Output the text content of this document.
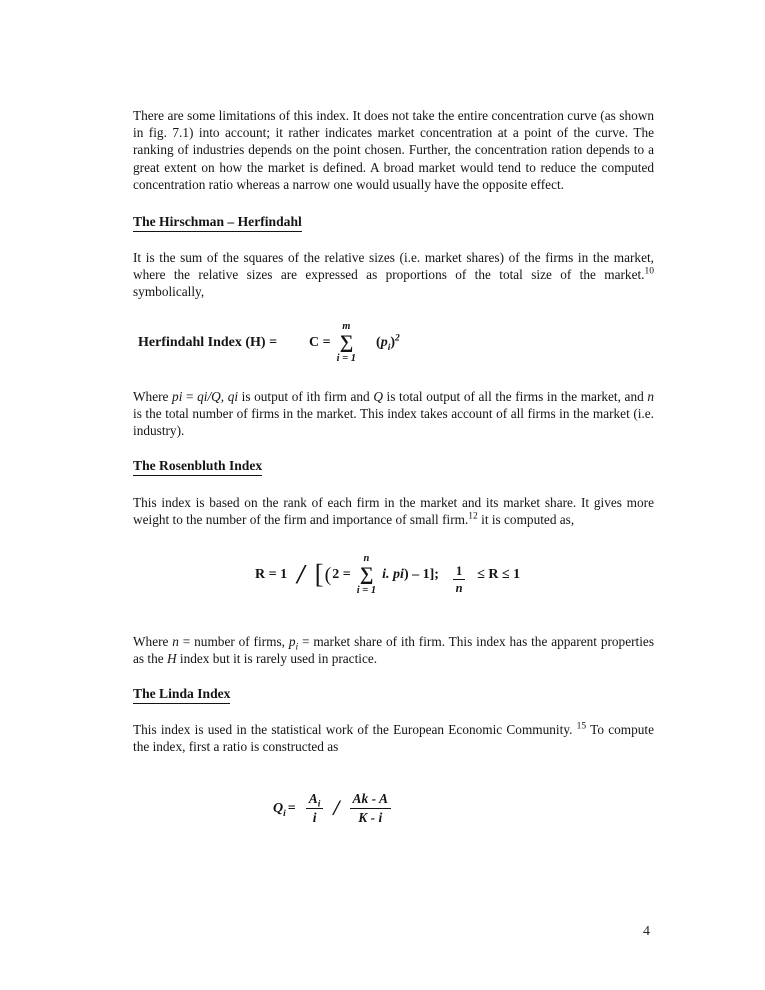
There are some limitations of this index. It does not take the entire concentration curve (as shown in fig. 7.1) into account; it rather indicates market concentration at a point of the curve. The ranking of industries depends on the point chosen. Further, the concentration ration depends to a great extent on how the market is defined. A broad market would tend to reduce the computed concentration ratio whereas a narrow one would usually have the opposite effect.

The Hirschman – Herfindahl

It is the sum of the squares of the relative sizes (i.e. market shares) of the firms in the market, where the relative sizes are expressed as proportions of the total size of the market.$^{10}$ symbolically,

Herfindahl Index (H) = C =
m
∑
i = 1
$(p_i)^2$

Where pi = qi/Q, qi is output of ith firm and Q is total output of all the firms in the market, and n is the total number of firms in the market. This index takes account of all firms in the market (i.e. industry).

The Rosenbluth Index

This index is based on the rank of each firm in the market and its market share. It gives more weight to the number of the firm and importance of small firm.$^{12}$ it is computed as,

R = 1 / [ ( 2 =
n
∑
i = 1
i. pi ) – 1]; $\frac{1}{n} \le R \le 1$

Where n = number of firms, $p_i$ = market share of ith firm. This index has the apparent properties as the H index but it is rarely used in practice.

The Linda Index

This index is used in the statistical work of the European Economic Community. $^{15}$ To compute the index, first a ratio is constructed as

$Q_i = \frac{A_i}{i} / \frac{Ak - A}{K - i}$
4
